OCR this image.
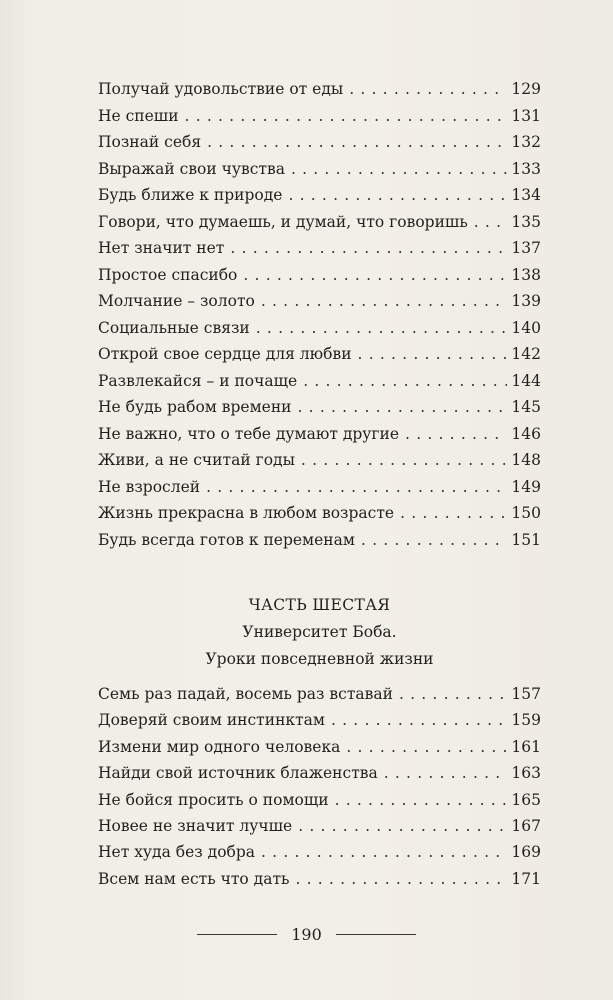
Получай удовольствие от еды . . .	129
Не спеши . . .	131
Познай себя . . .	132
Выражай свои чувства . . .	133
Будь ближе к природе . . .	134
Говори, что думаешь, и думай, что говоришь . . .	135
Нет значит нет . . .	137
Простое спасибо . . .	138
Молчание – золото . . .	139
Социальные связи . . .	140
Открой свое сердце для любви . . .	142
Развлекайся – и почаще . . .	144
Не будь рабом времени . . .	145
Не важно, что о тебе думают другие . . .	146
Живи, а не считай годы . . .	148
Не взрослей . . .	149
Жизнь прекрасна в любом возрасте . . .	150
Будь всегда готов к переменам . . .	151
ЧАСТЬ ШЕСТАЯ
Университет Боба.
Уроки повседневной жизни
Семь раз падай, восемь раз вставай . . .	157
Доверяй своим инстинктам . . .	159
Измени мир одного человека . . .	161
Найди свой источник блаженства . . .	163
Не бойся просить о помощи . . .	165
Новее не значит лучше . . .	167
Нет худа без добра . . .	169
Всем нам есть что дать . . .	171
190
